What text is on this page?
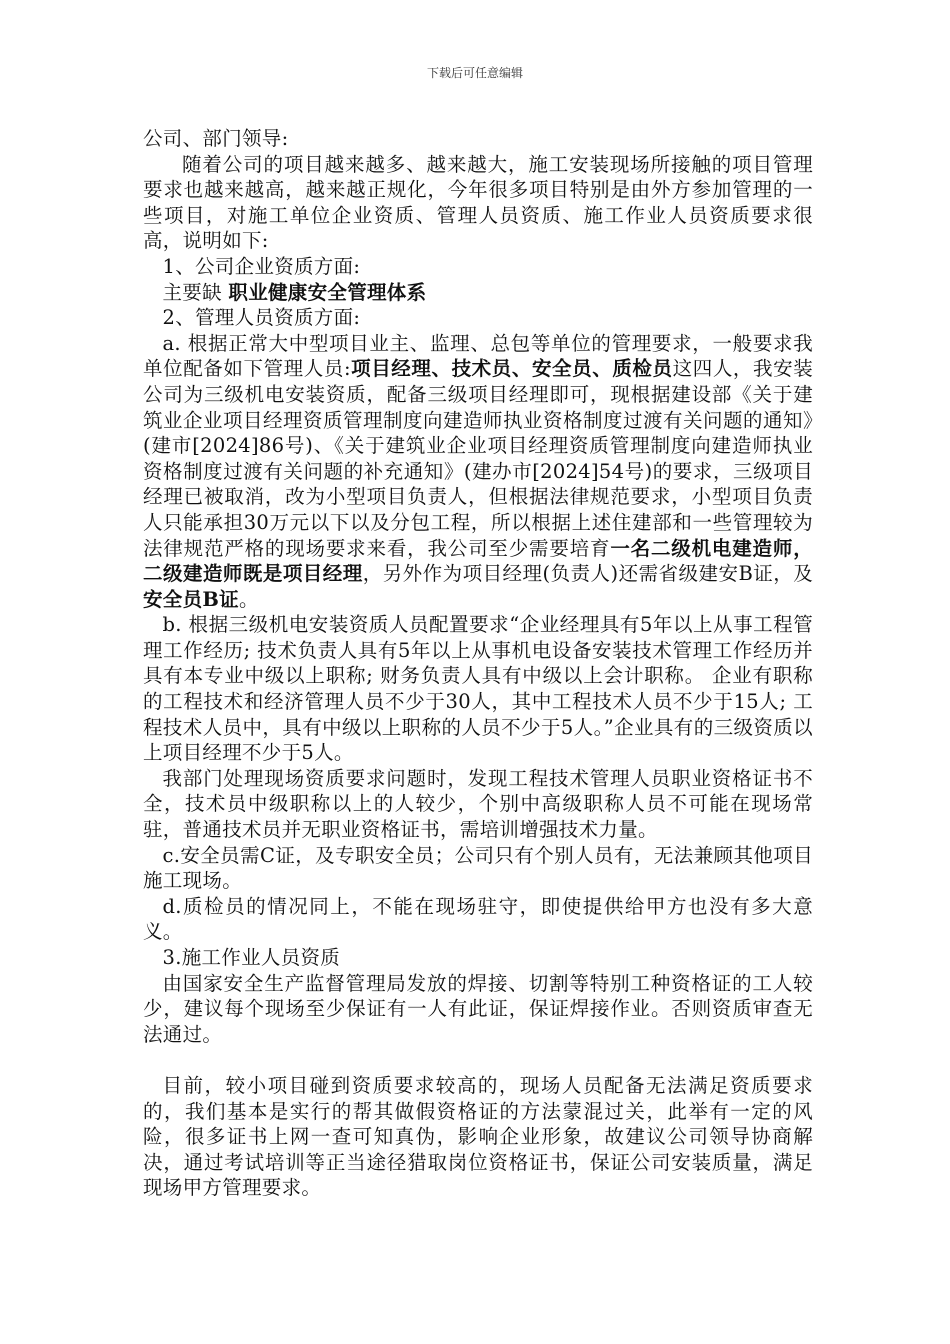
下载后可任意编辑

公司、部门领导:

随着公司的项目越来越多、越来越大，施工安装现场所接触的项目管理要求也越来越高，越来越正规化，今年很多项目特别是由外方参加管理的一些项目，对施工单位企业资质、管理人员资质、施工作业人员资质要求很高，说明如下:

1、公司企业资质方面:

主要缺 职业健康安全管理体系

2、管理人员资质方面:

a. 根据正常大中型项目业主、监理、总包等单位的管理要求，一般要求我单位配备如下管理人员:项目经理、技术员、安全员、质检员这四人，我安装公司为三级机电安装资质，配备三级项目经理即可，现根据建设部《关于建筑业企业项目经理资质管理制度向建造师执业资格制度过渡有关问题的通知》(建市[2024]86号)、《关于建筑业企业项目经理资质管理制度向建造师执业资格制度过渡有关问题的补充通知》(建办市[2024]54号)的要求，三级项目经理已被取消，改为小型项目负责人，但根据法律规范要求，小型项目负责人只能承担30万元以下以及分包工程，所以根据上述住建部和一些管理较为法律规范严格的现场要求来看，我公司至少需要培育一名二级机电建造师，二级建造师既是项目经理，另外作为项目经理(负责人)还需省级建安B证，及安全员B证。

b. 根据三级机电安装资质人员配置要求“企业经理具有5年以上从事工程管理工作经历; 技术负责人具有5年以上从事机电设备安装技术管理工作经历并具有本专业中级以上职称; 财务负责人具有中级以上会计职称。 企业有职称的工程技术和经济管理人员不少于30人，其中工程技术人员不少于15人; 工程技术人员中，具有中级以上职称的人员不少于5人。”企业具有的三级资质以上项目经理不少于5人。

我部门处理现场资质要求问题时，发现工程技术管理人员职业资格证书不全，技术员中级职称以上的人较少，个别中高级职称人员不可能在现场常驻，普通技术员并无职业资格证书，需培训增强技术力量。

c.安全员需C证，及专职安全员；公司只有个别人员有，无法兼顾其他项目施工现场。

d.质检员的情况同上，不能在现场驻守，即使提供给甲方也没有多大意义。

3.施工作业人员资质

由国家安全生产监督管理局发放的焊接、切割等特别工种资格证的工人较少，建议每个现场至少保证有一人有此证，保证焊接作业。否则资质审查无法通过。

目前，较小项目碰到资质要求较高的，现场人员配备无法满足资质要求的，我们基本是实行的帮其做假资格证的方法蒙混过关，此举有一定的风险，很多证书上网一查可知真伪，影响企业形象，故建议公司领导协商解决，通过考试培训等正当途径猎取岗位资格证书，保证公司安装质量，满足现场甲方管理要求。
